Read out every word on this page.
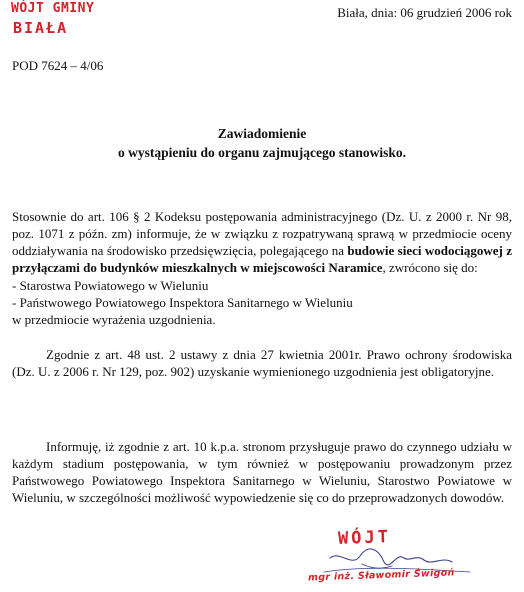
WÓJT GMINY
BIAŁA
Biała, dnia: 06 grudzień 2006 rok
POD 7624 – 4/06
Zawiadomienie
o wystąpieniu do organu zajmującego stanowisko.
Stosownie do art. 106 § 2 Kodeksu postępowania administracyjnego (Dz. U. z 2000 r. Nr 98, poz. 1071 z późn. zm) informuje, że w związku z rozpatrywaną sprawą w przedmiocie oceny oddziaływania na środowisko przedsięwzięcia, polegającego na budowie sieci wodociągowej z przyłączami do budynków mieszkalnych w miejscowości Naramice, zwrócono się do:
- Starostwa Powiatowego w Wieluniu
- Państwowego Powiatowego Inspektora Sanitarnego w Wieluniu
w przedmiocie wyrażenia uzgodnienia.
Zgodnie z art. 48 ust. 2 ustawy z dnia 27 kwietnia 2001r. Prawo ochrony środowiska (Dz. U. z 2006 r. Nr 129, poz. 902) uzyskanie wymienionego uzgodnienia jest obligatoryjne.
Informuję, iż zgodnie z art. 10 k.p.a. stronom przysługuje prawo do czynnego udziału w każdym stadium postępowania, w tym również w postępowaniu prowadzonym przez Państwowego Powiatowego Inspektora Sanitarnego w Wieluniu, Starostwo Powiatowe w Wieluniu, w szczególności możliwość wypowiedzenie się co do przeprowadzonych dowodów.
WÓJT
mgr inż. Sławomir Świgoń
